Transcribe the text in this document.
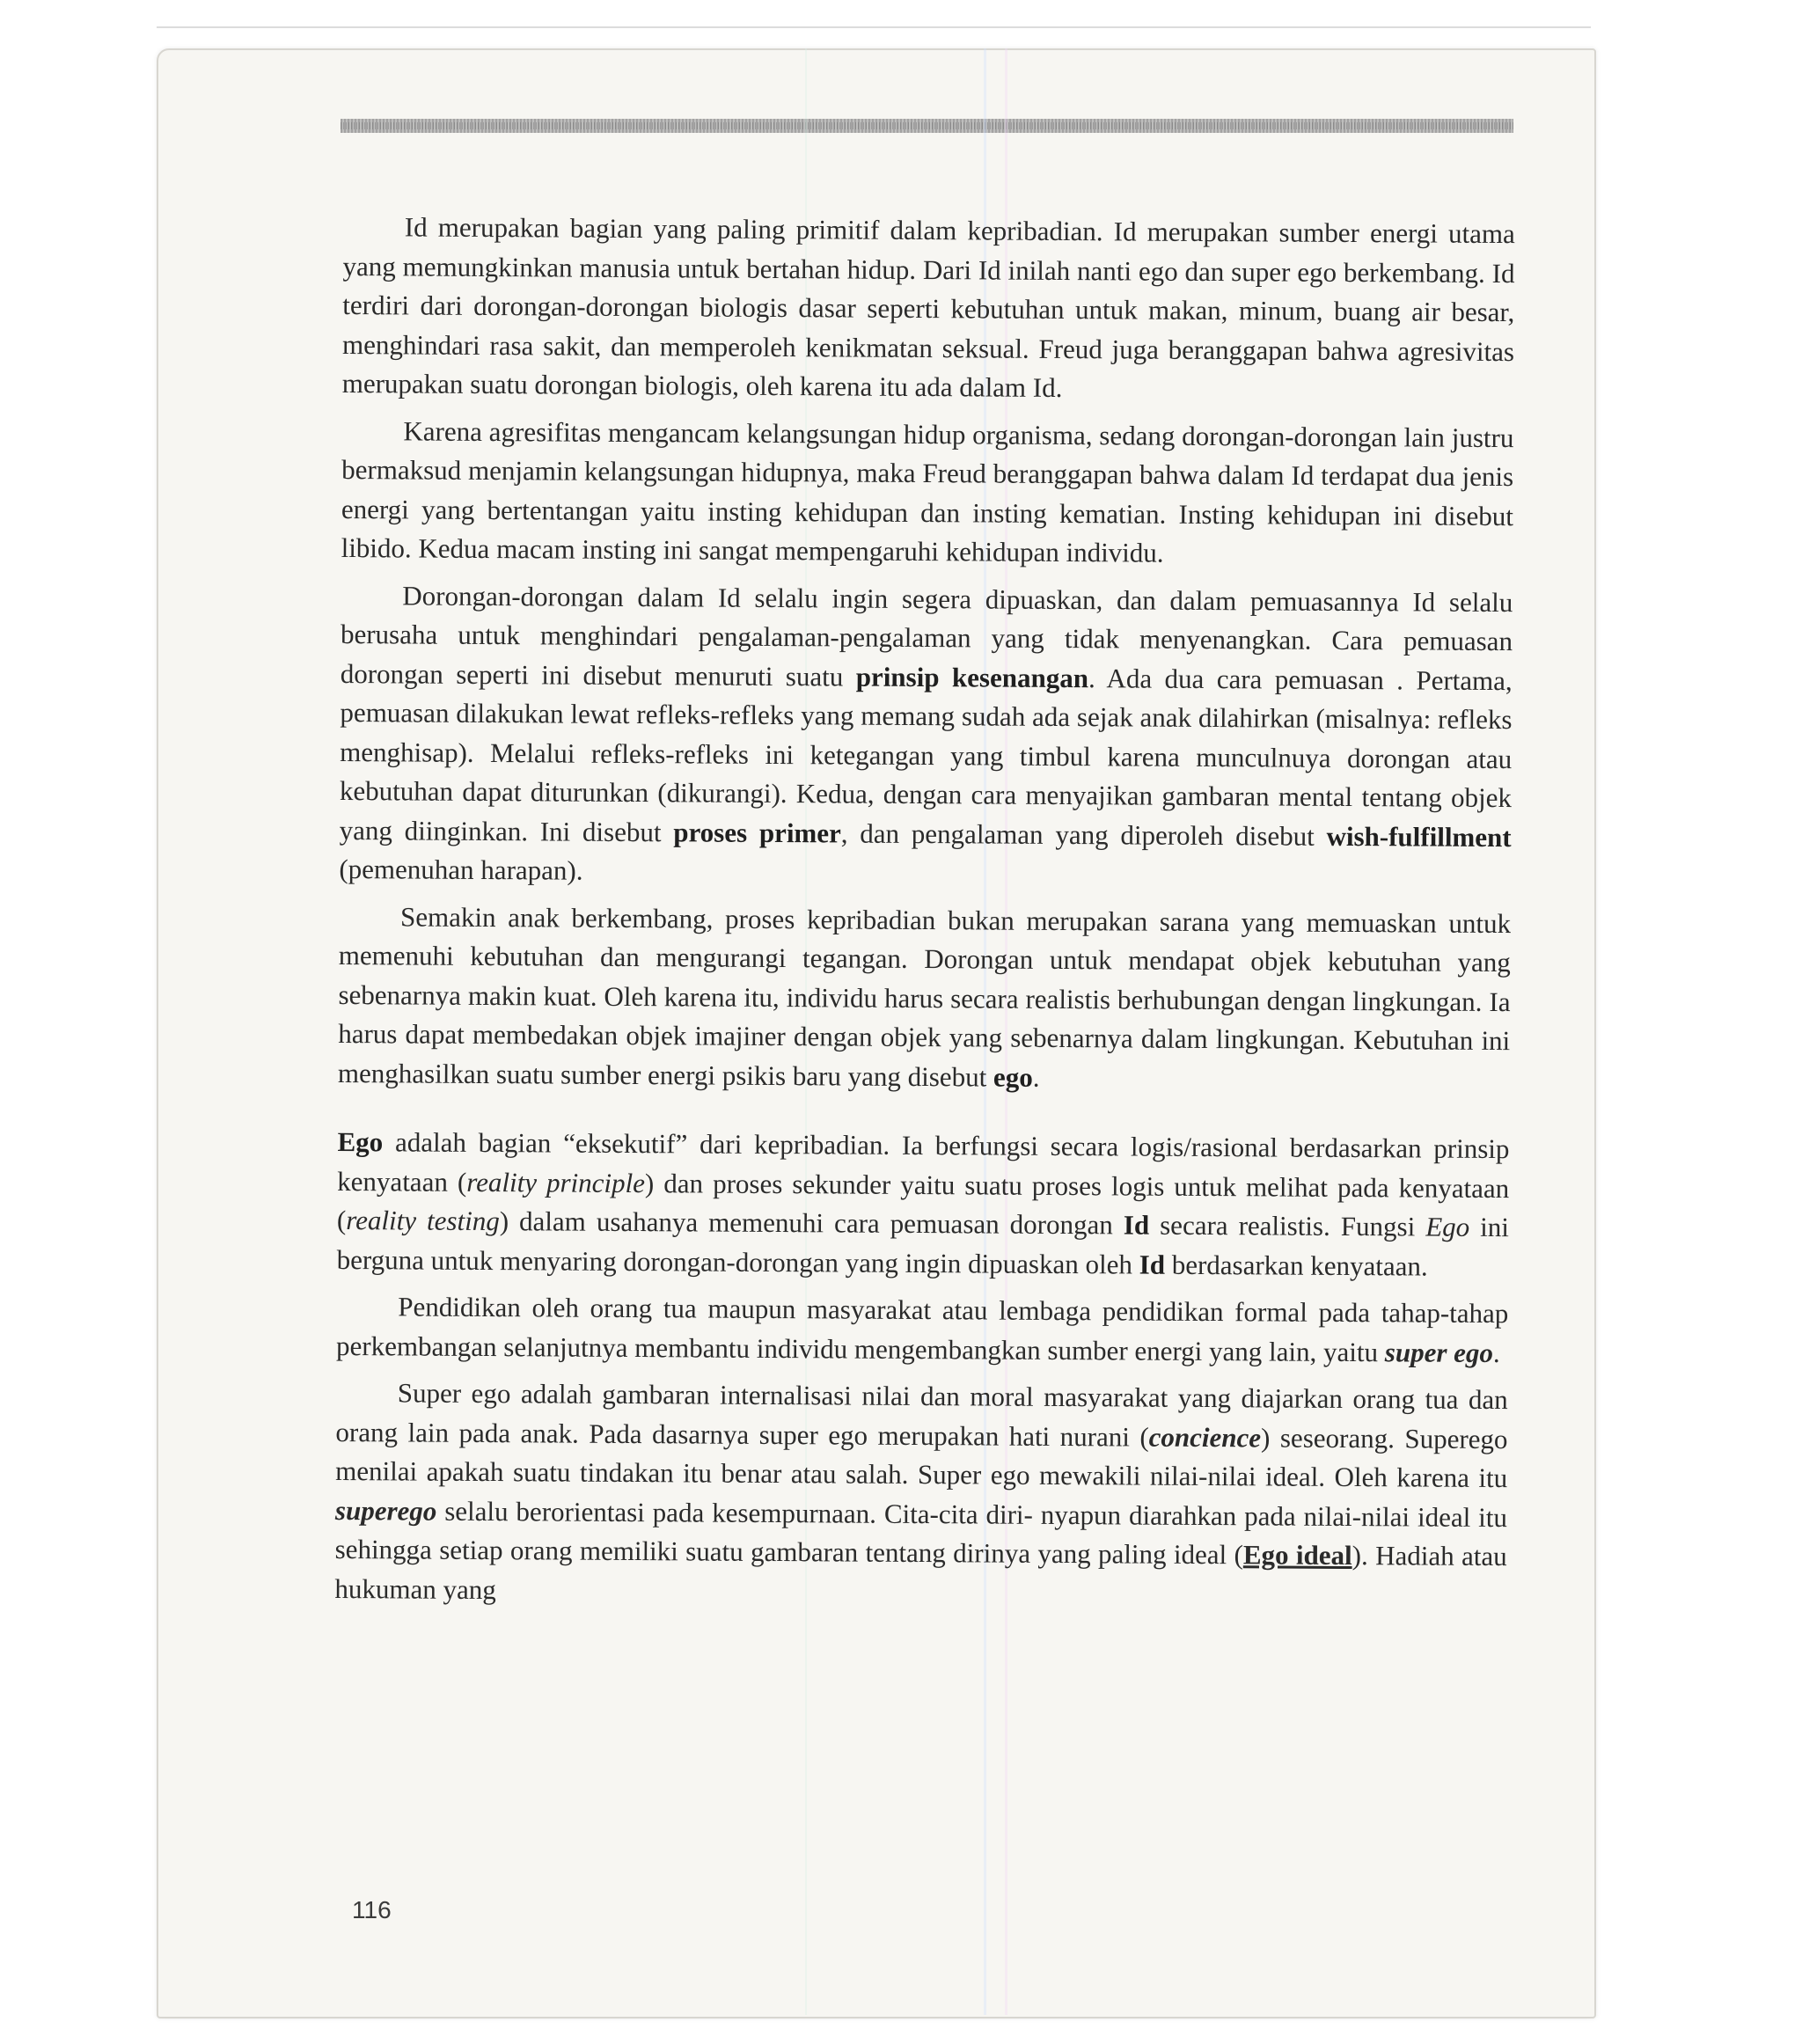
Id merupakan bagian yang paling primitif dalam kepribadian. Id merupakan sumber energi utama yang memungkinkan manusia untuk bertahan hidup. Dari Id inilah nanti ego dan super ego berkembang. Id terdiri dari dorongan-dorongan biologis dasar seperti kebutuhan untuk makan, minum, buang air besar, menghindari rasa sakit, dan memperoleh kenikmatan seksual. Freud juga beranggapan bahwa agresivitas merupakan suatu dorongan biologis, oleh karena itu ada dalam Id.

Karena agresifitas mengancam kelangsungan hidup organisma, sedang dorongan-dorongan lain justru bermaksud menjamin kelangsungan hidupnya, maka Freud beranggapan bahwa dalam Id terdapat dua jenis energi yang bertentangan yaitu insting kehidupan dan insting kematian. Insting kehidupan ini disebut libido. Kedua macam insting ini sangat mempengaruhi kehidupan individu.

Dorongan-dorongan dalam Id selalu ingin segera dipuaskan, dan dalam pemuasannya Id selalu berusaha untuk menghindari pengalaman-pengalaman yang tidak menyenangkan. Cara pemuasan dorongan seperti ini disebut menuruti suatu prinsip kesenangan. Ada dua cara pemuasan . Pertama, pemuasan dilakukan lewat refleks-refleks yang memang sudah ada sejak anak dilahirkan (misalnya: refleks menghisap). Melalui refleks-refleks ini ketegangan yang timbul karena munculnuya dorongan atau kebutuhan dapat diturunkan (dikurangi). Kedua, dengan cara menyajikan gambaran mental tentang objek yang diinginkan. Ini disebut proses primer, dan pengalaman yang diperoleh disebut wish-fulfillment (pemenuhan harapan).

Semakin anak berkembang, proses kepribadian bukan merupakan sarana yang memuaskan untuk memenuhi kebutuhan dan mengurangi tegangan. Dorongan untuk mendapat objek kebutuhan yang sebenarnya makin kuat. Oleh karena itu, individu harus secara realistis berhubungan dengan lingkungan. Ia harus dapat membedakan objek imajiner dengan objek yang sebenarnya dalam lingkungan. Kebutuhan ini menghasilkan suatu sumber energi psikis baru yang disebut ego.

Ego adalah bagian “eksekutif” dari kepribadian. Ia berfungsi secara logis/rasional berdasarkan prinsip kenyataan (reality principle) dan proses sekunder yaitu suatu proses logis untuk melihat pada kenyataan (reality testing) dalam usahanya memenuhi cara pemuasan dorongan Id secara realistis. Fungsi Ego ini berguna untuk menyaring dorongan-dorongan yang ingin dipuaskan oleh Id berdasarkan kenyataan.

Pendidikan oleh orang tua maupun masyarakat atau lembaga pendidikan formal pada tahap-tahap perkembangan selanjutnya membantu individu mengembangkan sumber energi yang lain, yaitu super ego.

Super ego adalah gambaran internalisasi nilai dan moral masyarakat yang diajarkan orang tua dan orang lain pada anak. Pada dasarnya super ego merupakan hati nurani (concience) seseorang. Superego menilai apakah suatu tindakan itu benar atau salah. Super ego mewakili nilai-nilai ideal. Oleh karena itu superego selalu berorientasi pada kesempurnaan. Cita-cita diri- nyapun diarahkan pada nilai-nilai ideal itu sehingga setiap orang memiliki suatu gambaran tentang dirinya yang paling ideal (Ego ideal). Hadiah atau hukuman yang

116
